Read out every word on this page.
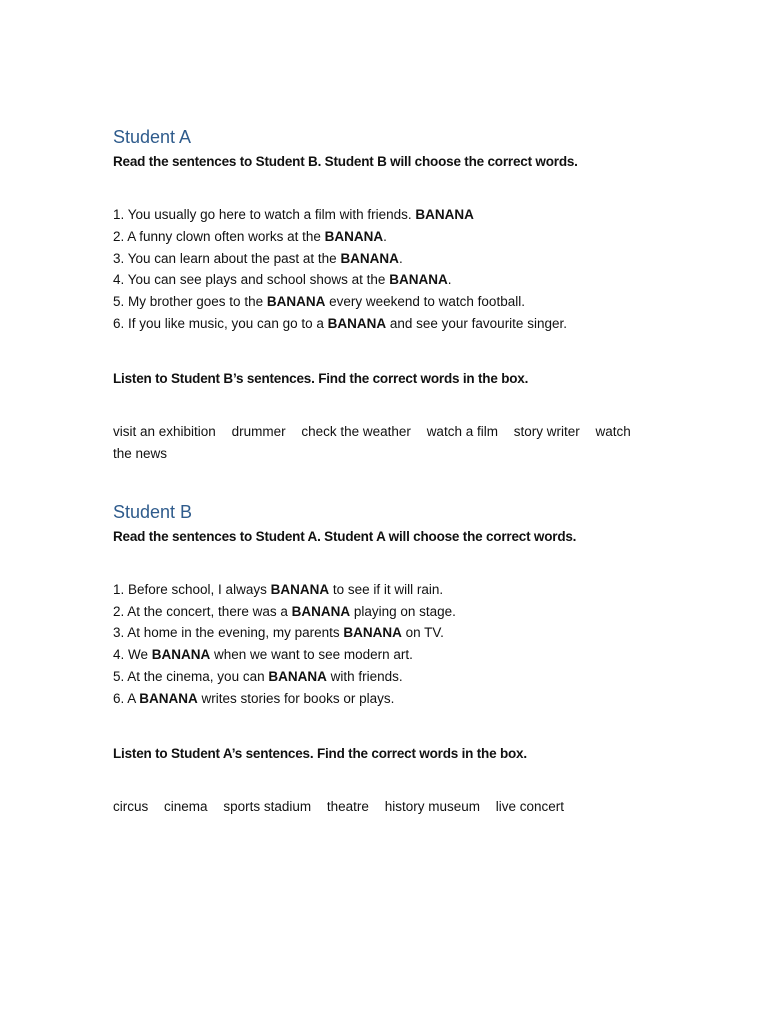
Student A

Read the sentences to Student B. Student B will choose the correct words.

1. You usually go here to watch a film with friends. BANANA
2. A funny clown often works at the BANANA.
3. You can learn about the past at the BANANA.
4. You can see plays and school shows at the BANANA.
5. My brother goes to the BANANA every weekend to watch football.
6. If you like music, you can go to a BANANA and see your favourite singer.

Listen to Student B’s sentences. Find the correct words in the box.

visit an exhibition drummer check the weather watch a film story writer watch the news
Student B

Read the sentences to Student A. Student A will choose the correct words.

1. Before school, I always BANANA to see if it will rain.
2. At the concert, there was a BANANA playing on stage.
3. At home in the evening, my parents BANANA on TV.
4. We BANANA when we want to see modern art.
5. At the cinema, you can BANANA with friends.
6. A BANANA writes stories for books or plays.

Listen to Student A’s sentences. Find the correct words in the box.

circus cinema sports stadium theatre history museum live concert
